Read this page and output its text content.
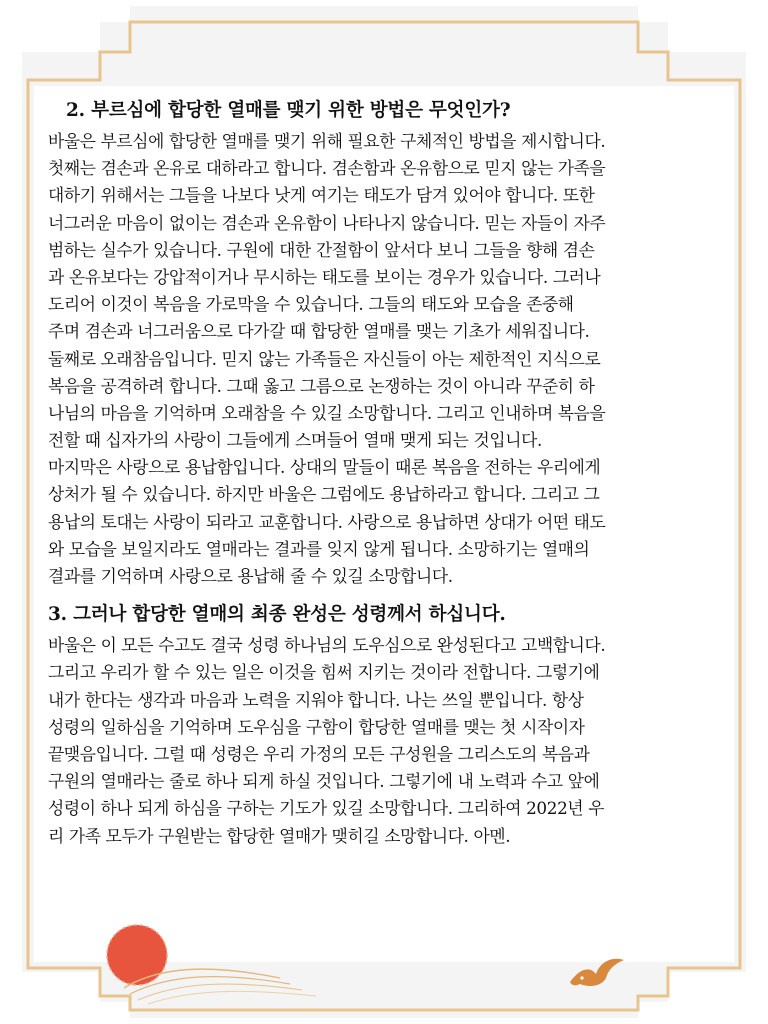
2. 부르심에 합당한 열매를 맺기 위한 방법은 무엇인가?
바울은 부르심에 합당한 열매를 맺기 위해 필요한 구체적인 방법을 제시합니다.
첫째는 겸손과 온유로 대하라고 합니다. 겸손함과 온유함으로 믿지 않는 가족을
대하기 위해서는 그들을 나보다 낫게 여기는 태도가 담겨 있어야 합니다. 또한
너그러운 마음이 없이는 겸손과 온유함이 나타나지 않습니다. 믿는 자들이 자주
범하는 실수가 있습니다. 구원에 대한 간절함이 앞서다 보니 그들을 향해 겸손
과 온유보다는 강압적이거나 무시하는 태도를 보이는 경우가 있습니다. 그러나
도리어 이것이 복음을 가로막을 수 있습니다. 그들의 태도와 모습을 존중해
주며 겸손과 너그러움으로 다가갈 때 합당한 열매를 맺는 기초가 세워집니다.
둘째로 오래참음입니다. 믿지 않는 가족들은 자신들이 아는 제한적인 지식으로
복음을 공격하려 합니다. 그때 옳고 그름으로 논쟁하는 것이 아니라 꾸준히 하
나님의 마음을 기억하며 오래참을 수 있길 소망합니다. 그리고 인내하며 복음을
전할 때 십자가의 사랑이 그들에게 스며들어 열매 맺게 되는 것입니다.
마지막은 사랑으로 용납함입니다. 상대의 말들이 때론 복음을 전하는 우리에게
상처가 될 수 있습니다. 하지만 바울은 그럼에도 용납하라고 합니다. 그리고 그
용납의 토대는 사랑이 되라고 교훈합니다. 사랑으로 용납하면 상대가 어떤 태도
와 모습을 보일지라도 열매라는 결과를 잊지 않게 됩니다. 소망하기는 열매의
결과를 기억하며 사랑으로 용납해 줄 수 있길 소망합니다.
3. 그러나 합당한 열매의 최종 완성은 성령께서 하십니다.
바울은 이 모든 수고도 결국 성령 하나님의 도우심으로 완성된다고 고백합니다.
그리고 우리가 할 수 있는 일은 이것을 힘써 지키는 것이라 전합니다. 그렇기에
내가 한다는 생각과 마음과 노력을 지워야 합니다. 나는 쓰일 뿐입니다. 항상
성령의 일하심을 기억하며 도우심을 구함이 합당한 열매를 맺는 첫 시작이자
끝맺음입니다. 그럴 때 성령은 우리 가정의 모든 구성원을 그리스도의 복음과
구원의 열매라는 줄로 하나 되게 하실 것입니다. 그렇기에 내 노력과 수고 앞에
성령이 하나 되게 하심을 구하는 기도가 있길 소망합니다. 그리하여 2022년 우
리 가족 모두가 구원받는 합당한 열매가 맺히길 소망합니다. 아멘.
